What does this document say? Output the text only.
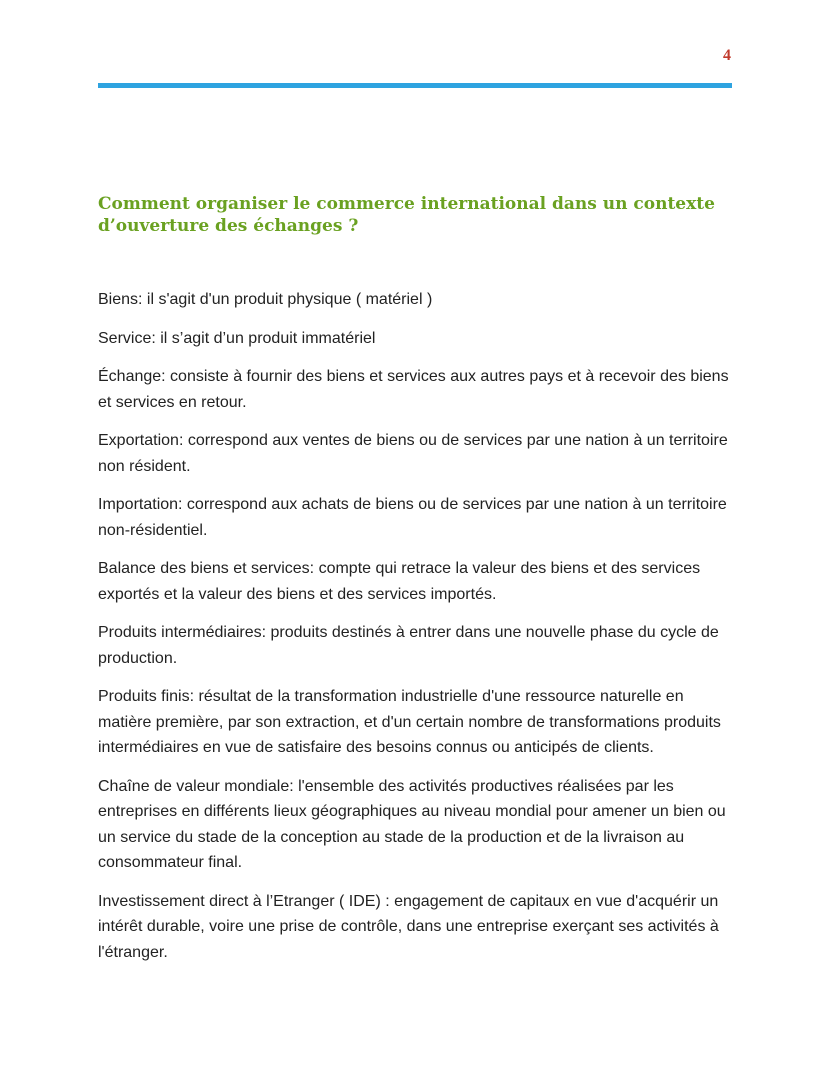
4
Comment organiser le commerce international dans un contexte d’ouverture des échanges ?
Biens: il s'agit d'un produit physique ( matériel )
Service: il s’agit d’un produit immatériel
Échange: consiste à fournir des biens et services aux autres pays et à recevoir des biens et services en retour.
Exportation: correspond aux ventes de biens ou de services par une nation à un territoire non résident.
Importation: correspond aux achats de biens ou de services par une nation à un territoire non-résidentiel.
Balance des biens et services: compte qui retrace la valeur des biens et des services exportés et la valeur des biens et des services importés.
Produits intermédiaires: produits destinés à entrer dans une nouvelle phase du cycle de production.
Produits finis: résultat de la transformation industrielle d'une ressource naturelle en matière première, par son extraction, et d'un certain nombre de transformations produits intermédiaires en vue de satisfaire des besoins connus ou anticipés de clients.
Chaîne de valeur mondiale: l'ensemble des activités productives réalisées par les entreprises en différents lieux géographiques au niveau mondial pour amener un bien ou un service du stade de la conception au stade de la production et de la livraison au consommateur final.
Investissement direct à l’Etranger ( IDE) : engagement de capitaux en vue d'acquérir un intérêt durable, voire une prise de contrôle, dans une entreprise exerçant ses activités à l'étranger.
